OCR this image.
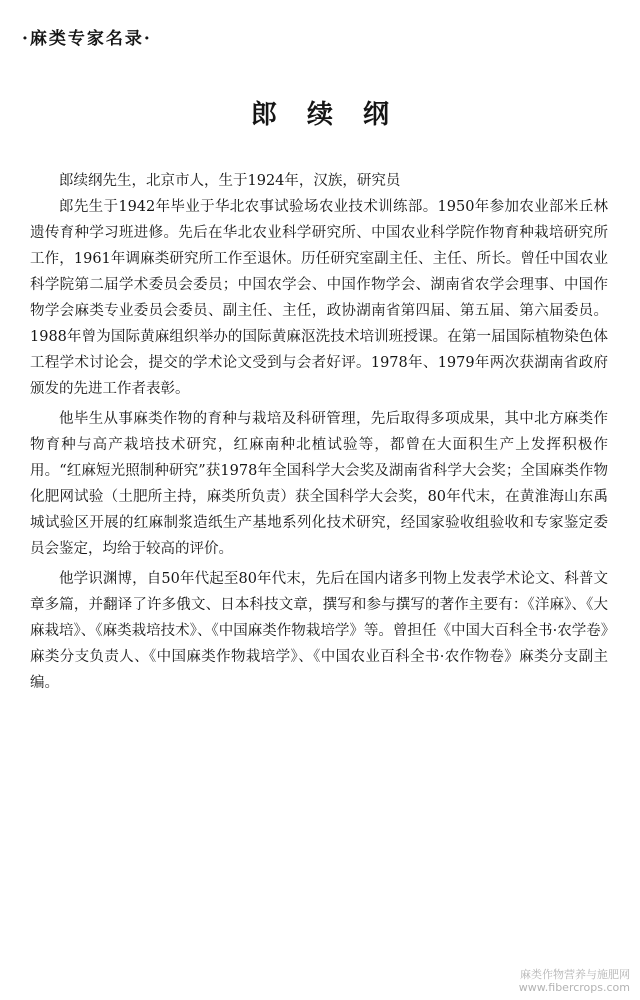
·麻类专家名录·
郎续纲

郎续纲先生，北京市人，生于1924年，汉族，研究员

郎先生于1942年毕业于华北农事试验场农业技术训练部。1950年参加农业部米丘林遗传育种学习班进修。先后在华北农业科学研究所、中国农业科学院作物育种栽培研究所工作，1961年调麻类研究所工作至退休。历任研究室副主任、主任、所长。曾任中国农业科学院第二届学术委员会委员；中国农学会、中国作物学会、湖南省农学会理事、中国作物学会麻类专业委员会委员、副主任、主任，政协湖南省第四届、第五届、第六届委员。1988年曾为国际黄麻组织举办的国际黄麻沤洗技术培训班授课。在第一届国际植物染色体工程学术讨论会，提交的学术论文受到与会者好评。1978年、1979年两次获湖南省政府颁发的先进工作者表彰。

他毕生从事麻类作物的育种与栽培及科研管理，先后取得多项成果，其中北方麻类作物育种与高产栽培技术研究，红麻南种北植试验等，都曾在大面积生产上发挥积极作用。“红麻短光照制种研究”获1978年全国科学大会奖及湖南省科学大会奖；全国麻类作物化肥网试验（土肥所主持，麻类所负责）获全国科学大会奖，80年代末，在黄淮海山东禹城试验区开展的红麻制浆造纸生产基地系列化技术研究，经国家验收组验收和专家鉴定委员会鉴定，均给于较高的评价。

他学识渊博，自50年代起至80年代末，先后在国内诸多刊物上发表学术论文、科普文章多篇，并翻译了许多俄文、日本科技文章，撰写和参与撰写的著作主要有：《洋麻》、《大麻栽培》、《麻类栽培技术》、《中国麻类作物栽培学》等。曾担任《中国大百科全书·农学卷》麻类分支负责人、《中国麻类作物栽培学》、《中国农业百科全书·农作物卷》麻类分支副主编。

麻类作物营养与施肥网
www.fibercrops.com
